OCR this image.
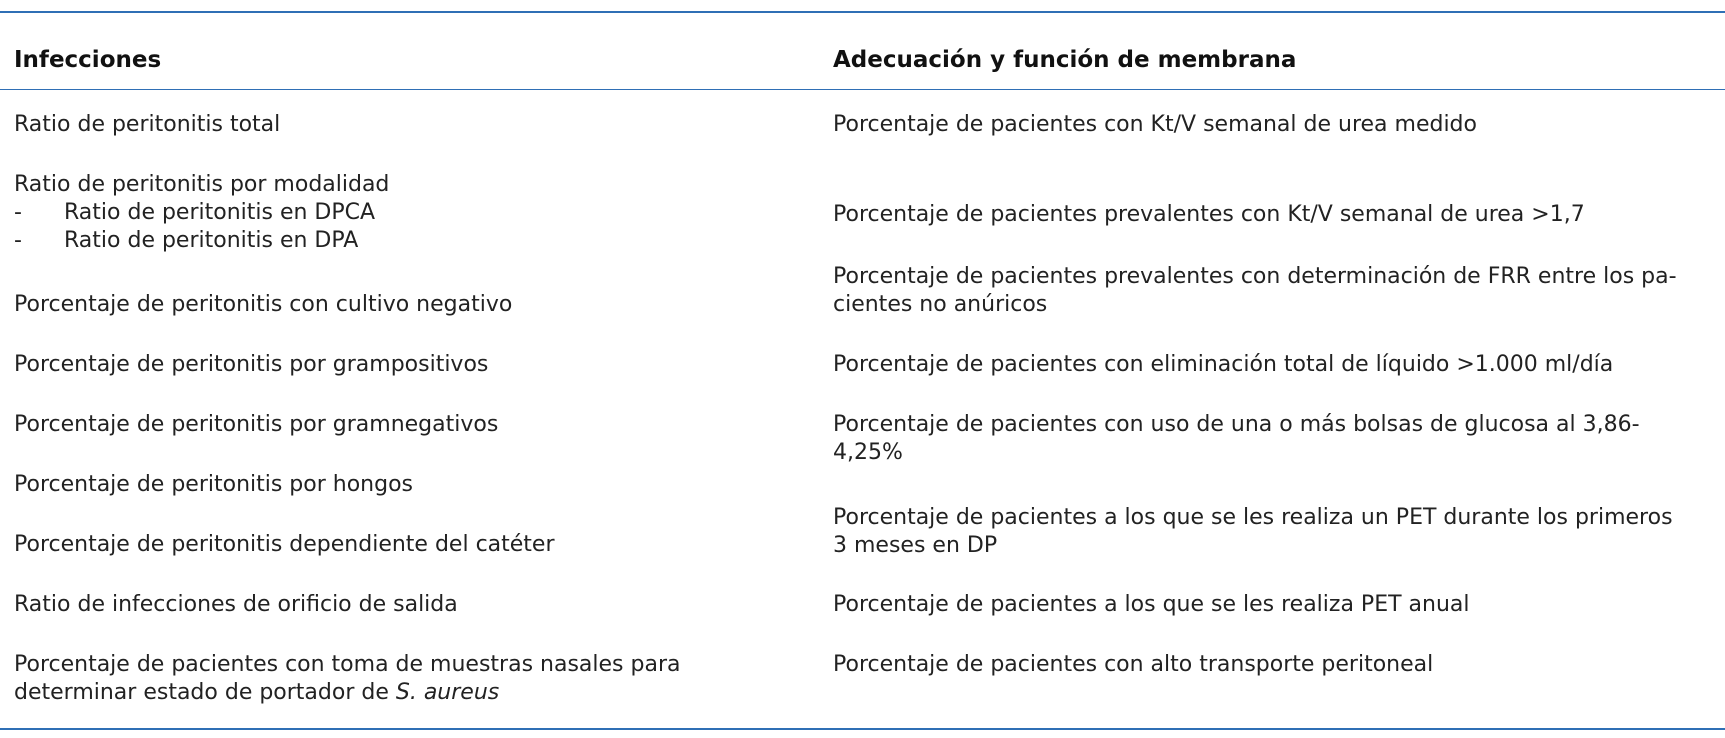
Infecciones	Adecuación y función de membrana
Ratio de peritonitis total
Ratio de peritonitis por modalidad
- Ratio de peritonitis en DPCA
- Ratio de peritonitis en DPA
Porcentaje de peritonitis con cultivo negativo
Porcentaje de peritonitis por grampositivos
Porcentaje de peritonitis por gramnegativos
Porcentaje de peritonitis por hongos
Porcentaje de peritonitis dependiente del catéter
Ratio de infecciones de orificio de salida
Porcentaje de pacientes con toma de muestras nasales para
determinar estado de portador de S. aureus
Porcentaje de pacientes con Kt/V semanal de urea medido
Porcentaje de pacientes prevalentes con Kt/V semanal de urea >1,7
Porcentaje de pacientes prevalentes con determinación de FRR entre los pa-
cientes no anúricos
Porcentaje de pacientes con eliminación total de líquido >1.000 ml/día
Porcentaje de pacientes con uso de una o más bolsas de glucosa al 3,86-
4,25%
Porcentaje de pacientes a los que se les realiza un PET durante los primeros
3 meses en DP
Porcentaje de pacientes a los que se les realiza PET anual
Porcentaje de pacientes con alto transporte peritoneal
